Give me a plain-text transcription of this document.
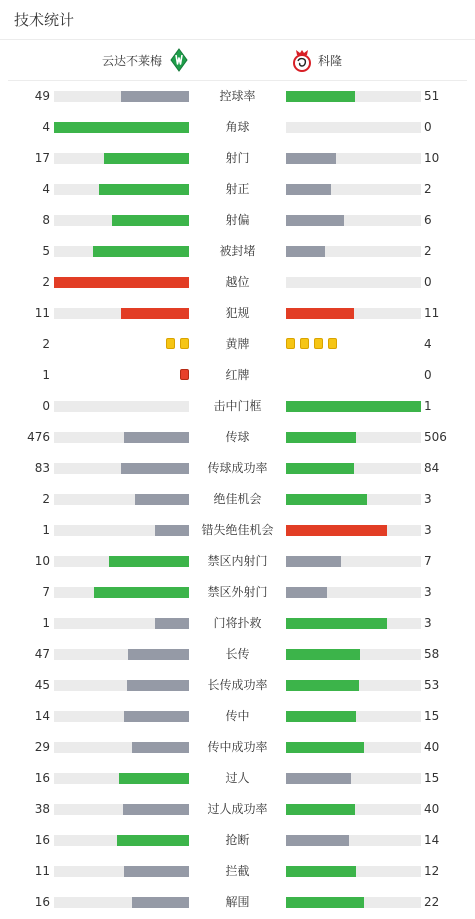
技术统计
云达不莱梅	科隆
49	控球率	51
4	角球	0
17	射门	10
4	射正	2
8	射偏	6
5	被封堵	2
2	越位	0
11	犯规	11
2	黄牌	4
1	红牌	0
0	击中门框	1
476	传球	506
83	传球成功率	84
2	绝佳机会	3
1	错失绝佳机会	3
10	禁区内射门	7
7	禁区外射门	3
1	门将扑救	3
47	长传	58
45	长传成功率	53
14	传中	15
29	传中成功率	40
16	过人	15
38	过人成功率	40
16	抢断	14
11	拦截	12
16	解围	22
